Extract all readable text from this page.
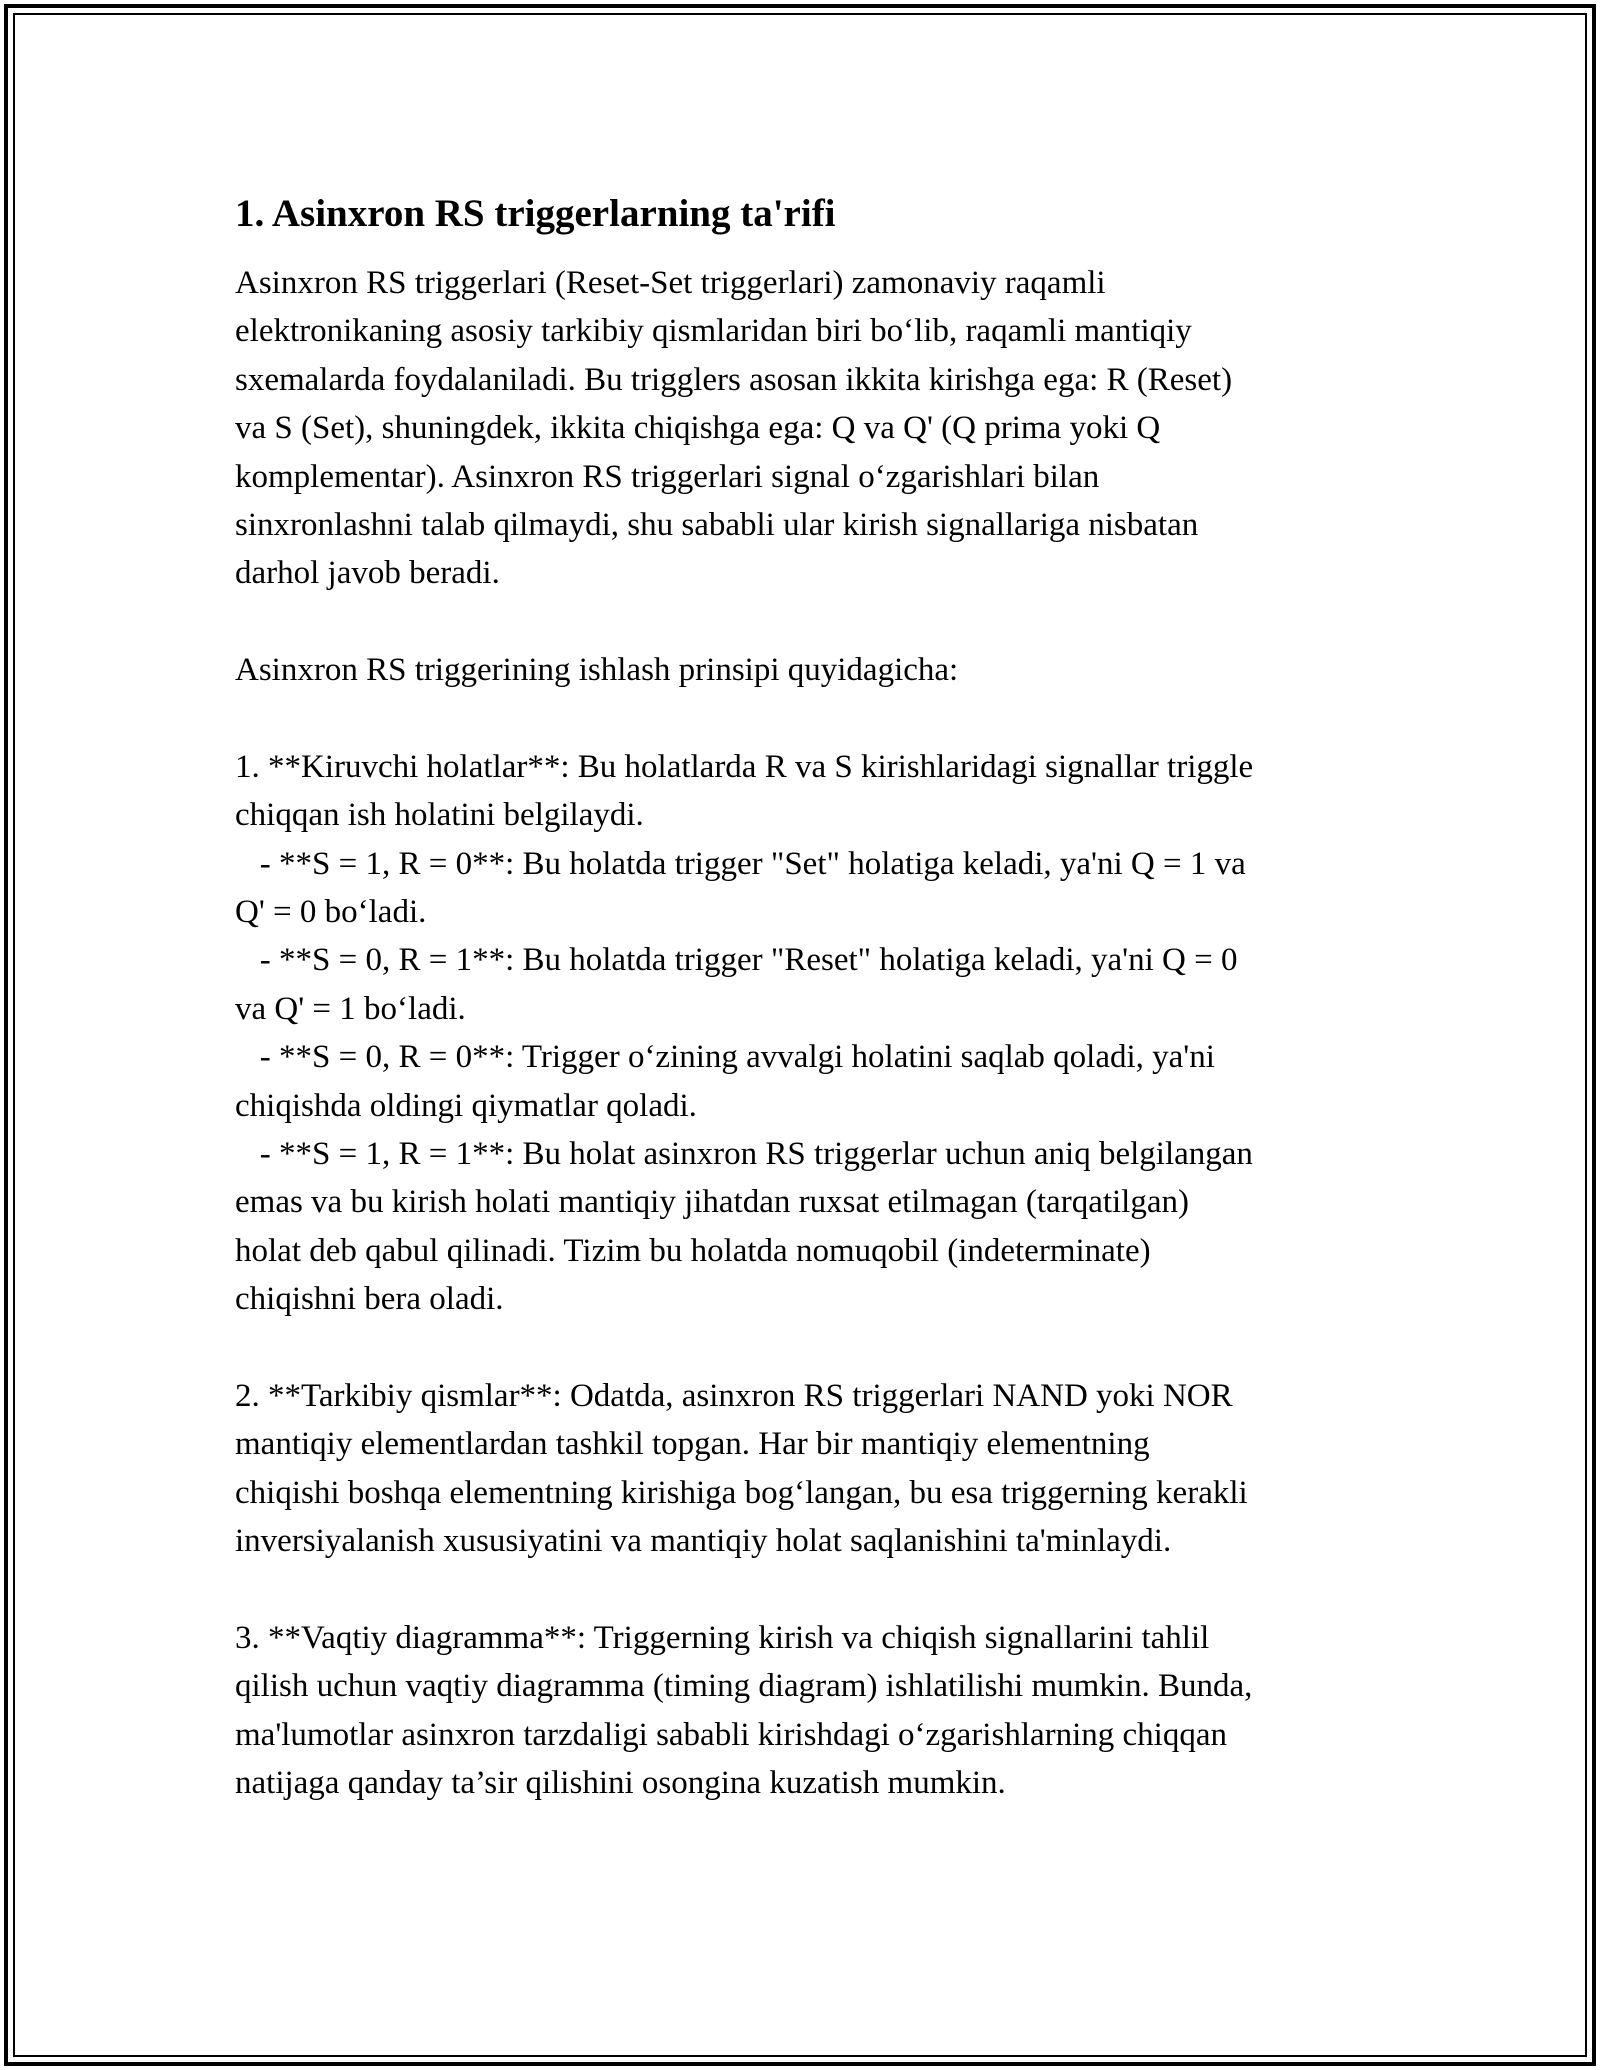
1. Asinxron RS triggerlarning ta'rifi
Asinxron RS triggerlari (Reset-Set triggerlari) zamonaviy raqamli
elektronikaning asosiy tarkibiy qismlaridan biri bo‘lib, raqamli mantiqiy
sxemalarda foydalaniladi. Bu trigglers asosan ikkita kirishga ega: R (Reset)
va S (Set), shuningdek, ikkita chiqishga ega: Q va Q' (Q prima yoki Q
komplementar). Asinxron RS triggerlari signal o‘zgarishlari bilan
sinxronlashni talab qilmaydi, shu sababli ular kirish signallariga nisbatan
darhol javob beradi.
Asinxron RS triggerining ishlash prinsipi quyidagicha:
1. **Kiruvchi holatlar**: Bu holatlarda R va S kirishlaridagi signallar triggle
chiqqan ish holatini belgilaydi.
- **S = 1, R = 0**: Bu holatda trigger "Set" holatiga keladi, ya'ni Q = 1 va
Q' = 0 bo‘ladi.
- **S = 0, R = 1**: Bu holatda trigger "Reset" holatiga keladi, ya'ni Q = 0
va Q' = 1 bo‘ladi.
- **S = 0, R = 0**: Trigger o‘zining avvalgi holatini saqlab qoladi, ya'ni
chiqishda oldingi qiymatlar qoladi.
- **S = 1, R = 1**: Bu holat asinxron RS triggerlar uchun aniq belgilangan
emas va bu kirish holati mantiqiy jihatdan ruxsat etilmagan (tarqatilgan)
holat deb qabul qilinadi. Tizim bu holatda nomuqobil (indeterminate)
chiqishni bera oladi.
2. **Tarkibiy qismlar**: Odatda, asinxron RS triggerlari NAND yoki NOR
mantiqiy elementlardan tashkil topgan. Har bir mantiqiy elementning
chiqishi boshqa elementning kirishiga bog‘langan, bu esa triggerning kerakli
inversiyalanish xususiyatini va mantiqiy holat saqlanishini ta'minlaydi.
3. **Vaqtiy diagramma**: Triggerning kirish va chiqish signallarini tahlil
qilish uchun vaqtiy diagramma (timing diagram) ishlatilishi mumkin. Bunda,
ma'lumotlar asinxron tarzdaligi sababli kirishdagi o‘zgarishlarning chiqqan
natijaga qanday ta’sir qilishini osongina kuzatish mumkin.
